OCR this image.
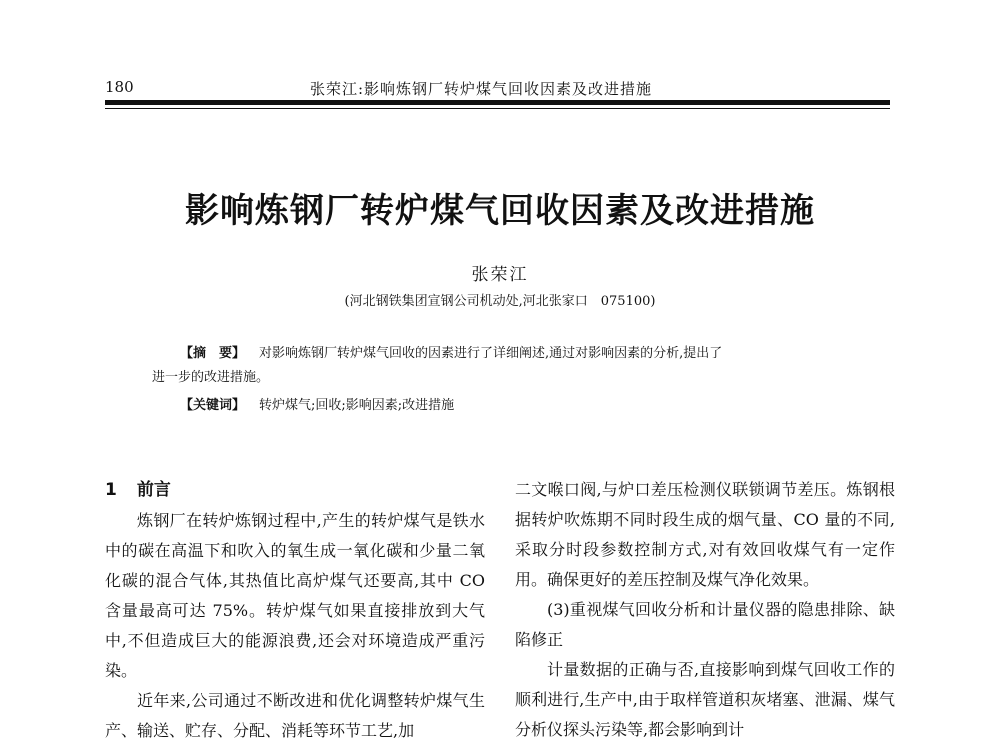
180	张荣江:影响炼钢厂转炉煤气回收因素及改进措施
影响炼钢厂转炉煤气回收因素及改进措施
张荣江
(河北钢铁集团宣钢公司机动处,河北张家口　075100)

【摘　要】 对影响炼钢厂转炉煤气回收的因素进行了详细阐述,通过对影响因素的分析,提出了

进一步的改进措施。

【关键词】 转炉煤气;回收;影响因素;改进措施
1 前言

炼钢厂在转炉炼钢过程中,产生的转炉煤气是铁水中的碳在高温下和吹入的氧生成一氧化碳和少量二氧化碳的混合气体,其热值比高炉煤气还要高,其中 CO 含量最高可达 75%。转炉煤气如果直接排放到大气中,不但造成巨大的能源浪费,还会对环境造成严重污染。

近年来,公司通过不断改进和优化调整转炉煤气生产、输送、贮存、分配、消耗等环节工艺,加

二文喉口阀,与炉口差压检测仪联锁调节差压。炼钢根据转炉吹炼期不同时段生成的烟气量、CO 量的不同,采取分时段参数控制方式,对有效回收煤气有一定作用。确保更好的差压控制及煤气净化效果。

(3)重视煤气回收分析和计量仪器的隐患排除、缺陷修正

计量数据的正确与否,直接影响到煤气回收工作的顺利进行,生产中,由于取样管道积灰堵塞、泄漏、煤气分析仪探头污染等,都会影响到计
